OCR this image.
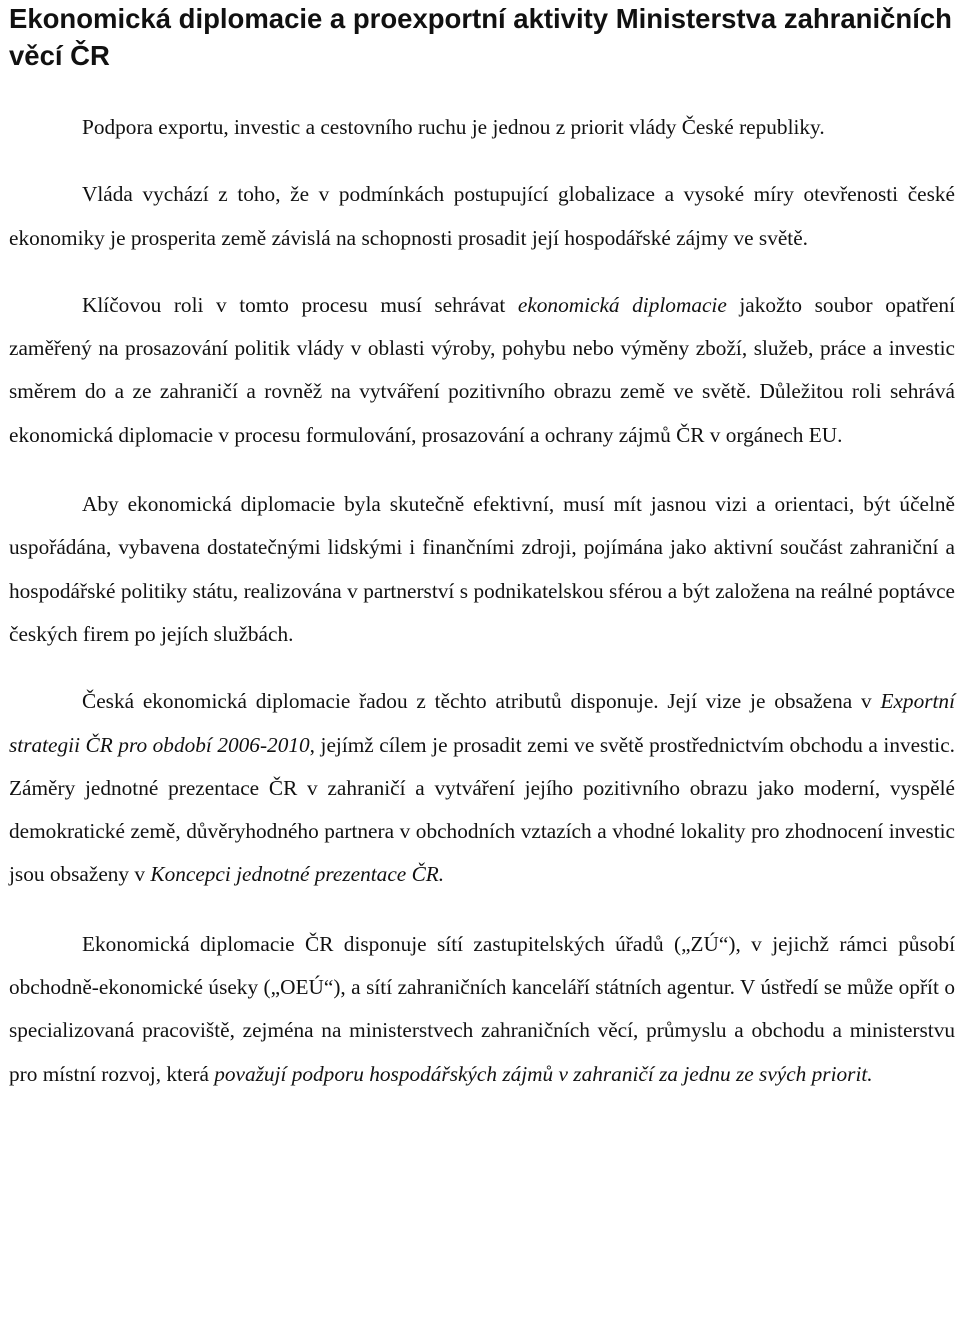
Ekonomická diplomacie a proexportní aktivity Ministerstva zahraničních věcí ČR

Podpora exportu, investic a cestovního ruchu je jednou z priorit vlády České republiky.

Vláda vychází z toho, že v podmínkách postupující globalizace a vysoké míry otevřenosti české ekonomiky je prosperita země závislá na schopnosti prosadit její hospodářské zájmy ve světě.

Klíčovou roli v tomto procesu musí sehrávat ekonomická diplomacie jakožto soubor opatření zaměřený na prosazování politik vlády v oblasti výroby, pohybu nebo výměny zboží, služeb, práce a investic směrem do a ze zahraničí a rovněž na vytváření pozitivního obrazu země ve světě. Důležitou roli sehrává ekonomická diplomacie v procesu formulování, prosazování a ochrany zájmů ČR v orgánech EU.

Aby ekonomická diplomacie byla skutečně efektivní, musí mít jasnou vizi a orientaci, být účelně uspořádána, vybavena dostatečnými lidskými i finančními zdroji, pojímána jako aktivní součást zahraniční a hospodářské politiky státu, realizována v partnerství s podnikatelskou sférou a být založena na reálné poptávce českých firem po jejích službách.

Česká ekonomická diplomacie řadou z těchto atributů disponuje. Její vize je obsažena v Exportní strategii ČR pro období 2006-2010, jejímž cílem je prosadit zemi ve světě prostřednictvím obchodu a investic. Záměry jednotné prezentace ČR v zahraničí a vytváření jejího pozitivního obrazu jako moderní, vyspělé demokratické země, důvěryhodného partnera v obchodních vztazích a vhodné lokality pro zhodnocení investic jsou obsaženy v Koncepci jednotné prezentace ČR.

Ekonomická diplomacie ČR disponuje sítí zastupitelských úřadů („ZÚ“), v jejichž rámci působí obchodně-ekonomické úseky („OEÚ“), a sítí zahraničních kanceláří státních agentur. V ústředí se může opřít o specializovaná pracoviště, zejména na ministerstvech zahraničních věcí, průmyslu a obchodu a ministerstvu pro místní rozvoj, která považují podporu hospodářských zájmů v zahraničí za jednu ze svých priorit.
